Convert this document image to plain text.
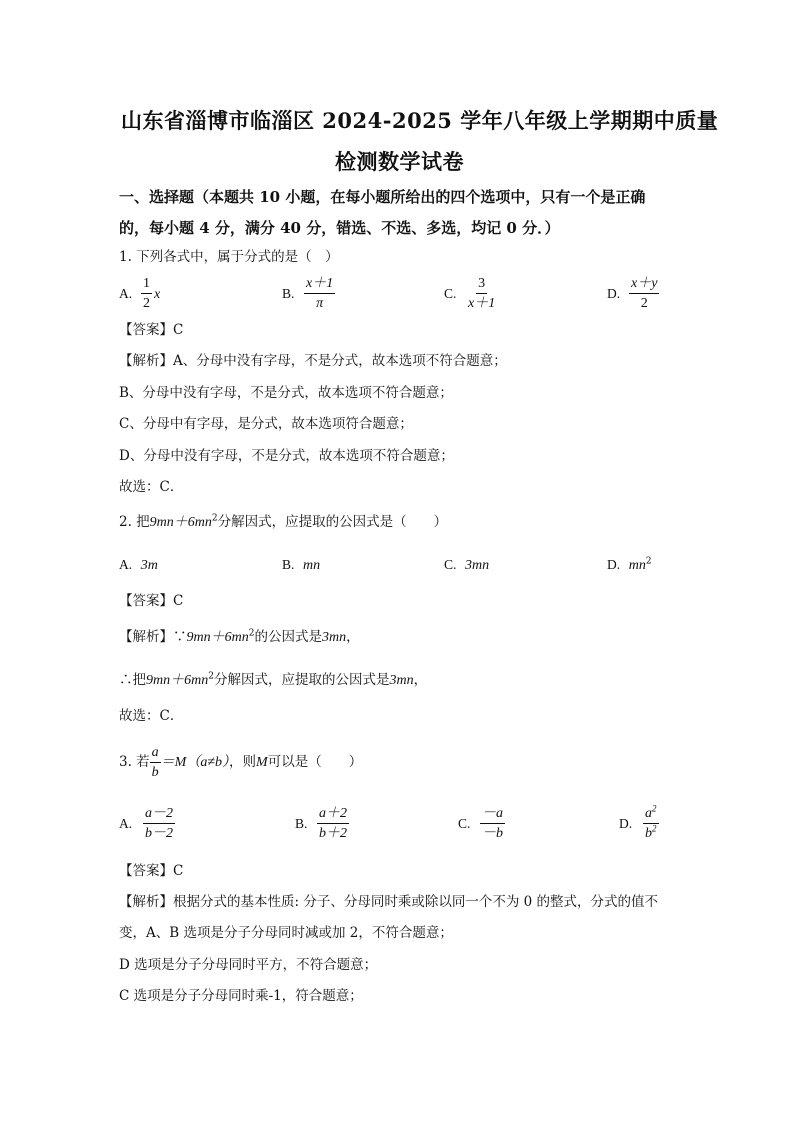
山东省淄博市临淄区 2024-2025 学年八年级上学期期中质量
检测数学试卷
一、选择题（本题共 10 小题，在每小题所给出的四个选项中，只有一个是正确
的，每小题 4 分，满分 40 分，错选、不选、多选，均记 0 分．）
1. 下列各式中，属于分式的是（　）
A. $\frac{1}{2}$ x	B. $\frac{x+1}{\pi}$	C. $\frac{3}{x+1}$	D. $\frac{x+y}{2}$
【答案】C
【解析】A、分母中没有字母，不是分式，故本选项不符合题意；
B、分母中没有字母，不是分式，故本选项不符合题意；
C、分母中有字母，是分式，故本选项符合题意；
D、分母中没有字母，不是分式，故本选项不符合题意；
故选：C．
2. 把$9mn+6mn^2$分解因式，应提取的公因式是（　　）
A. 3m	B. mn	C. 3mn	D. $mn^2$
【答案】C
【解析】$\because 9mn+6mn^2$的公因式是3mn，
∴把$9mn+6mn^2$分解因式，应提取的公因式是3mn，
故选：C．
3. 若 $\frac{a}{b} =M(a\ne b)$，则M可以是（　　）
A. $\frac{a-2}{b-2}$	B. $\frac{a+2}{b+2}$	C. $\frac{-a}{-b}$	D. $\frac{a^2}{b^2}$
【答案】C
【解析】根据分式的基本性质: 分子、分母同时乘或除以同一个不为 0 的整式，分式的值不
变，A、B 选项是分子分母同时减或加 2，不符合题意；
D 选项是分子分母同时平方，不符合题意；
C 选项是分子分母同时乘-1，符合题意；
